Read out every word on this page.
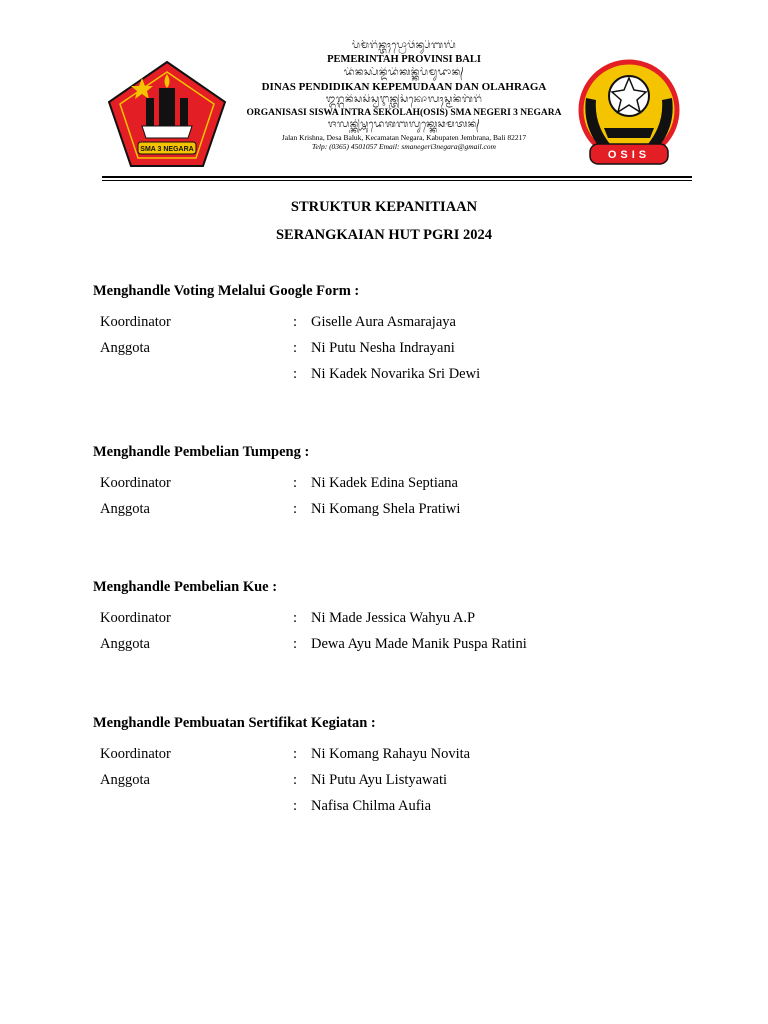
SMA 3 NEGARA

ᬧᭂᬫᭂᬭᬶᬦ᭄ᬢᬄᬧ᭄ᬭᭀᬯᬶᬦ᭄ᬲᬶᬩᬮᬶ

PEMERINTAH PROVINSI BALI

ᬤᬶᬦᬲ᭄ᬧᭂᬦ᭄ᬤᬶᬤᬶᬓᬦ᭄ᬓᭂᬧᭂᬫᬸᬤᬵᬦ᭄

DINAS PENDIDIKAN KEPEMUDAAN DAN OLAHRAGA

ᬑᬭ᭄ᬕᬦᬶᬲᬲᬶᬲ᭄ᬯᬇᬦ᭄ᬢ᭄ᬭᬲᭂᬓᭀᬮᬄᬲ᭄ᬫᬦᭂᬕᭂᬭᬶ

ORGANISASI SISWA INTRA SEKOLAH(OSIS) SMA NEGERI 3 NEGARA

ᬚᬮᬦ᭄ᬓ᭄ᬭᬶᬱ᭄ᬡᬤᬾᬰᬩᬮᬸᬓ᭄ᬓᬾᬘᬫᬢᬦ᭄

Jalan Krishna, Desa Baluk, Kecamatan Negara, Kabupaten Jembrana, Bali 82217

Telp: (0365) 4501057 Email: smanegeri3negara@gmail.com

OSIS
STRUKTUR KEPANITIAAN
SERANGKAIAN HUT PGRI 2024
Menghandle Voting Melalui Google Form :
Koordinator	: Giselle Aura Asmarajaya
Anggota	: Ni Putu Nesha Indrayani
: Ni Kadek Novarika Sri Dewi
Menghandle Pembelian Tumpeng :
Koordinator	: Ni Kadek Edina Septiana
Anggota	: Ni Komang Shela Pratiwi
Menghandle Pembelian Kue :
Koordinator	: Ni Made Jessica Wahyu A.P
Anggota	: Dewa Ayu Made Manik Puspa Ratini
Menghandle Pembuatan Sertifikat Kegiatan :
Koordinator	: Ni Komang Rahayu Novita
Anggota	: Ni Putu Ayu Listyawati
: Nafisa Chilma Aufia
